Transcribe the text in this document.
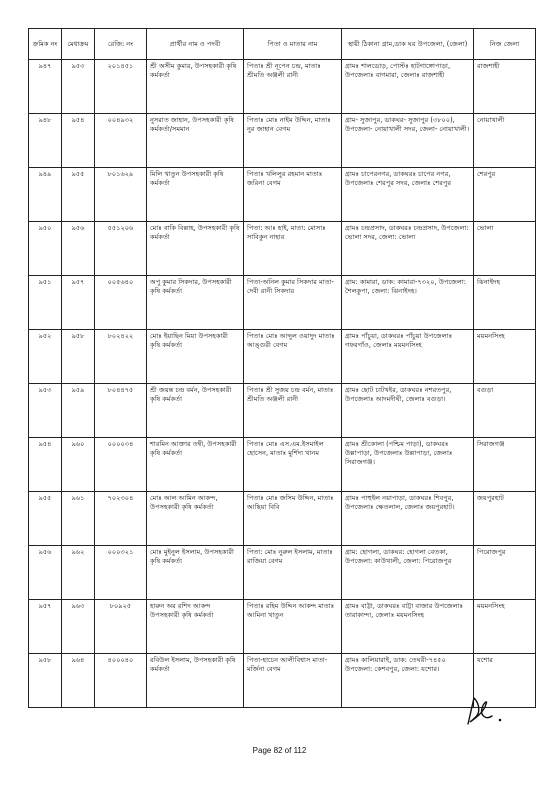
ক্রমিক নং	মেধাক্রম	রেজি: নং	প্রার্থীর নাম ও পদবী	পিতা ও মাতার নাম	স্থায়ী ঠিকানা গ্রাম,ডাক ঘর উপজেলা, (জেলা)	নিজ জেলা
৯৪৭	৯৫৩	২০১৪৫১	শ্রী অসীম কুমার, উপসহকারী কৃষি কর্মকর্তা	পিতাঃ শ্রী নূপেন চন্দ্র, মাতাঃ শ্রীমতি অঞ্জলী রানী	গ্রামঃ শালডোড়, পোস্টঃ হাটগাঙ্গোপাড়া, উপজেলাঃ বাগমারা, জেলাঃ রাজশাহী	রাজশাহী
৯৪৮	৯৫৪	০০৪৯৩২	নুসরাত জাহান, উপসহকারী কৃষি কর্মকর্তা/সমমান	পিতাঃ মোঃ নাইম উদ্দিন, মাতাঃ নুর জাহান বেগম	গ্রাম- সুজাপুর, ডাকঘর- সুজাপুর (৩৮০০), উপজেলা- নোয়াখালী সদর, জেলা- নোয়াখালী।	নোয়াখালী
৯৪৯	৯৫৫	৮০১৬২৯	মিলি খাতুন উপসহকারী কৃষি কর্মকর্তা	পিতাঃ খলিলুর রহমান মাতাঃ জরিনা বেগম	গ্রামঃ চাপেরনগর, ডাকঘরঃ চাপের নগর, উপজেলাঃ শেরপুর সদর, জেলাঃ শেরপুর	শেরপুর
৯৫০	৯৫৬	৫৫১২০৬	মোঃ বাকি বিল্লাহ, উপসহকারী কৃষি কর্মকর্তা	পিতা: আঃ হাই, মাতা: মোসাঃ সাবিকুন নাহার	গ্রামঃ চন্দ্রপ্রসাদ, ডাকঘরঃ চন্দ্রপ্রসাদ, উপজেলা: ভোলা সদর, জেলা: ভোলা	ভোলা
৯৫১	৯৫৭	০০৫৬৪০	অপু কুমার সিকদার, উপসহকারী কৃষি কর্মকর্তা	পিতা-অনিল কুমার সিকদার মাতা- দেবী রানী সিকদার	গ্রাম: কামারা, ডাক: কামারা-৭৩২০, উপজেলা: শৈলকুপা, জেলা: ঝিনাইদহ।	ঝিনাইদহ
৯৫২	৯৫৮	৮০২৪২২	মোঃ ইয়াছিন মিয়া উপসহকারী কৃষি কর্মকর্তা	পিতাঃ মোঃ আব্দুল ওয়াদুদ মাতাঃ আঙ্গুরী বেগম	গ্রামঃ পাঁচুয়া, ডাকঘরঃ পাঁচুয়া উপজেলাঃ গফরগাঁও, জেলাঃ ময়মনসিংহ	ময়মনসিংহ
৯৫৩	৯৫৯	৮০৪৪৭৫	শ্রী জয়ন্ত চন্দ্র বর্মন, উপসহকারী কৃষি কর্মকর্তা	পিতাঃ শ্রী সুজয় চন্দ্র বর্মন, মাতাঃ শ্রীমতি অঞ্জলী রানী	গ্রামঃ ছোট চাটখইর, ডাকঘরঃ নশরতপুর, উপজেলাঃ আদমদীঘী, জেলাঃ বগুড়া।	বগুড়া
৯৫৪	৯৬০	০০০০৩৪	শারমিন আক্তার তন্বী, উপসহকারী কৃষি কর্মকর্তা	পিতাঃ মোঃ এস.এম.ইসমাইল হোসেন, মাতাঃ মুর্শিদা খানম	গ্রামঃ শ্রীকোলা (পশ্চিম পাড়া), ডাকঘরঃ উল্লাপাড়া, উপজেলাঃ উল্লাপাড়া, জেলাঃ সিরাজগঞ্জ।	সিরাজগঞ্জ
৯৫৫	৯৬১	৭০২৩০৪	মোঃ আল আমিন আকন্দ, উপসহকারী কৃষি কর্মকর্তা	পিতাঃ মোঃ জসিম উদ্দিন, মাতাঃ আছিয়া বিবি	গ্রামঃ পাহুইল নয়াপাড়া, ডাকঘরঃ শিবপুর, উপজেলাঃ ক্ষেতলাল, জেলাঃ জয়পুরহাট।	জয়পুরহাট
৯৫৬	৯৬২	০০০৩২১	মোঃ মুইনুল ইসলাম, উপসহকারী কৃষি কর্মকর্তা	পিতা: মোঃ নুরুল ইসলাম, মাতাঃ রাজিয়া বেগম	গ্রাম: হোগলা, ডাকঘর: হোগলা বেতকা, উপজেলা: কাউখালী, জেলা: পিরোজপুর	পিরোজপুর
৯৫৭	৯৬৩	৮০৯২৫	হারুন অর রশিদ আকন্দ উপসহকারী কৃষি কর্মকর্তা	পিতাঃ রহিম উদ্দিন আকন্দ মাতাঃ আমিনা খাতুন	গ্রামঃ বাট্টা, ডাকঘরঃ বাট্টা বাজার উপজেলাঃ তারাকান্দা, জেলাঃ ময়মনসিংহ	ময়মনসিংহ
৯৫৮	৯৬৪	৪০০০৪০	রবিউল ইসলাম, উপসহকারী কৃষি কর্মকর্তা	পিতা-হাচেন আলীবিশ্বাস মাতা-মর্জিনা বেগম	গ্রামঃ কালিয়ারাই, ডাক: তেঘরী-৭৪৫০ উপজেলা: কেশবপুর, জেলা: যশোর।	যশোর
Page 82 of 112
